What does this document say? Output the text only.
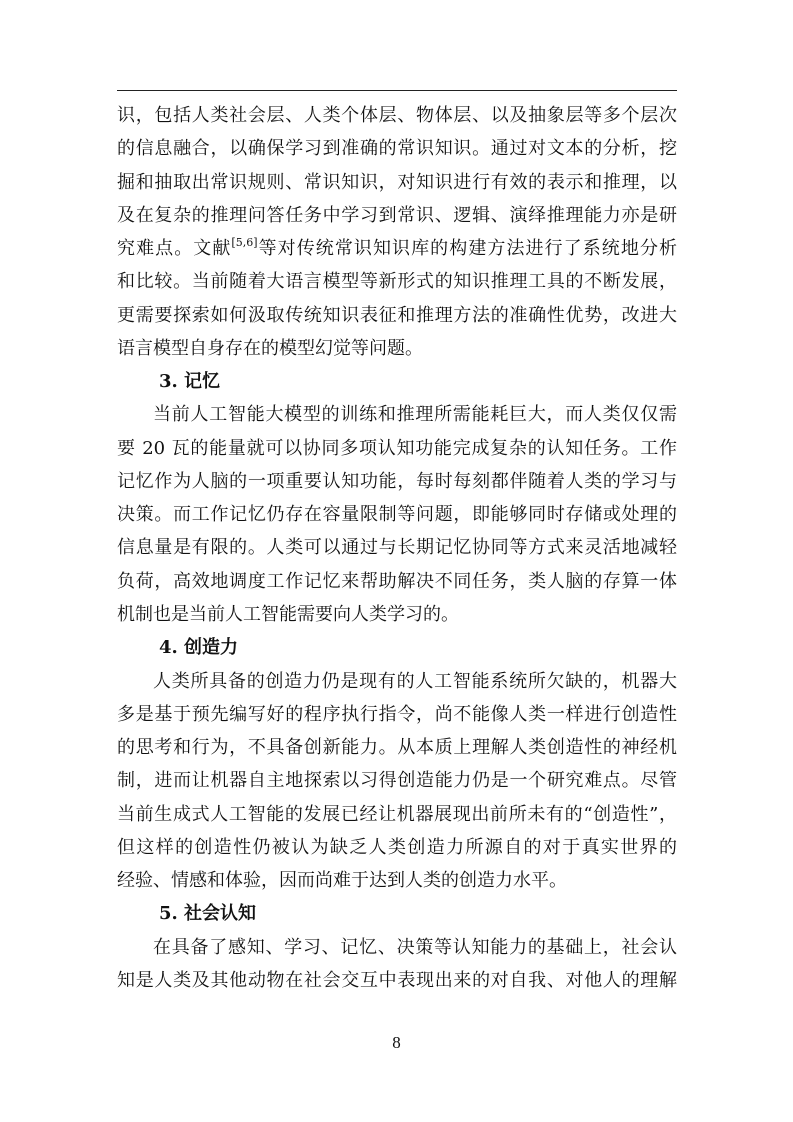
识，包括人类社会层、人类个体层、物体层、以及抽象层等多个层次
的信息融合，以确保学习到准确的常识知识。通过对文本的分析，挖
掘和抽取出常识规则、常识知识，对知识进行有效的表示和推理，以
及在复杂的推理问答任务中学习到常识、逻辑、演绎推理能力亦是研
究难点。文献[5,6]等对传统常识知识库的构建方法进行了系统地分析
和比较。当前随着大语言模型等新形式的知识推理工具的不断发展，
更需要探索如何汲取传统知识表征和推理方法的准确性优势，改进大
语言模型自身存在的模型幻觉等问题。
3. 记忆
当前人工智能大模型的训练和推理所需能耗巨大，而人类仅仅需
要 20 瓦的能量就可以协同多项认知功能完成复杂的认知任务。工作
记忆作为人脑的一项重要认知功能，每时每刻都伴随着人类的学习与
决策。而工作记忆仍存在容量限制等问题，即能够同时存储或处理的
信息量是有限的。人类可以通过与长期记忆协同等方式来灵活地减轻
负荷，高效地调度工作记忆来帮助解决不同任务，类人脑的存算一体
机制也是当前人工智能需要向人类学习的。
4. 创造力
人类所具备的创造力仍是现有的人工智能系统所欠缺的，机器大
多是基于预先编写好的程序执行指令，尚不能像人类一样进行创造性
的思考和行为，不具备创新能力。从本质上理解人类创造性的神经机
制，进而让机器自主地探索以习得创造能力仍是一个研究难点。尽管
当前生成式人工智能的发展已经让机器展现出前所未有的“创造性”，
但这样的创造性仍被认为缺乏人类创造力所源自的对于真实世界的
经验、情感和体验，因而尚难于达到人类的创造力水平。
5. 社会认知
在具备了感知、学习、记忆、决策等认知能力的基础上，社会认
知是人类及其他动物在社会交互中表现出来的对自我、对他人的理解
8
